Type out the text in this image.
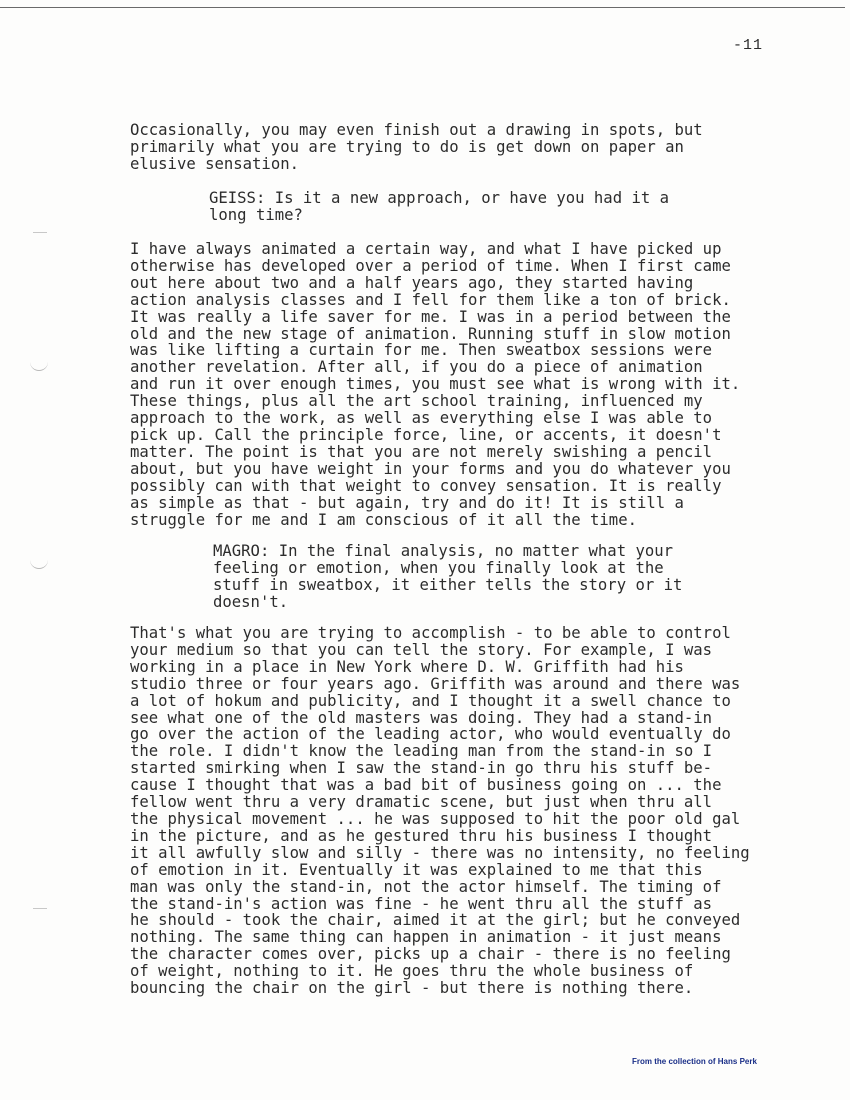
-11
Occasionally, you may even finish out a drawing in spots, but
primarily what you are trying to do is get down on paper an
elusive sensation.
GEISS: Is it a new approach, or have you had it a
long time?
I have always animated a certain way, and what I have picked up
otherwise has developed over a period of time. When I first came
out here about two and a half years ago, they started having
action analysis classes and I fell for them like a ton of brick.
It was really a life saver for me. I was in a period between the
old and the new stage of animation. Running stuff in slow motion
was like lifting a curtain for me. Then sweatbox sessions were
another revelation. After all, if you do a piece of animation
and run it over enough times, you must see what is wrong with it.
These things, plus all the art school training, influenced my
approach to the work, as well as everything else I was able to
pick up. Call the principle force, line, or accents, it doesn't
matter. The point is that you are not merely swishing a pencil
about, but you have weight in your forms and you do whatever you
possibly can with that weight to convey sensation. It is really
as simple as that - but again, try and do it! It is still a
struggle for me and I am conscious of it all the time.
MAGRO: In the final analysis, no matter what your
feeling or emotion, when you finally look at the
stuff in sweatbox, it either tells the story or it
doesn't.
That's what you are trying to accomplish - to be able to control
your medium so that you can tell the story. For example, I was
working in a place in New York where D. W. Griffith had his
studio three or four years ago. Griffith was around and there was
a lot of hokum and publicity, and I thought it a swell chance to
see what one of the old masters was doing. They had a stand-in
go over the action of the leading actor, who would eventually do
the role. I didn't know the leading man from the stand-in so I
started smirking when I saw the stand-in go thru his stuff be-
cause I thought that was a bad bit of business going on ... the
fellow went thru a very dramatic scene, but just when thru all
the physical movement ... he was supposed to hit the poor old gal
in the picture, and as he gestured thru his business I thought
it all awfully slow and silly - there was no intensity, no feeling
of emotion in it. Eventually it was explained to me that this
man was only the stand-in, not the actor himself. The timing of
the stand-in's action was fine - he went thru all the stuff as
he should - took the chair, aimed it at the girl; but he conveyed
nothing. The same thing can happen in animation - it just means
the character comes over, picks up a chair - there is no feeling
of weight, nothing to it. He goes thru the whole business of
bouncing the chair on the girl - but there is nothing there.
From the collection of Hans Perk
